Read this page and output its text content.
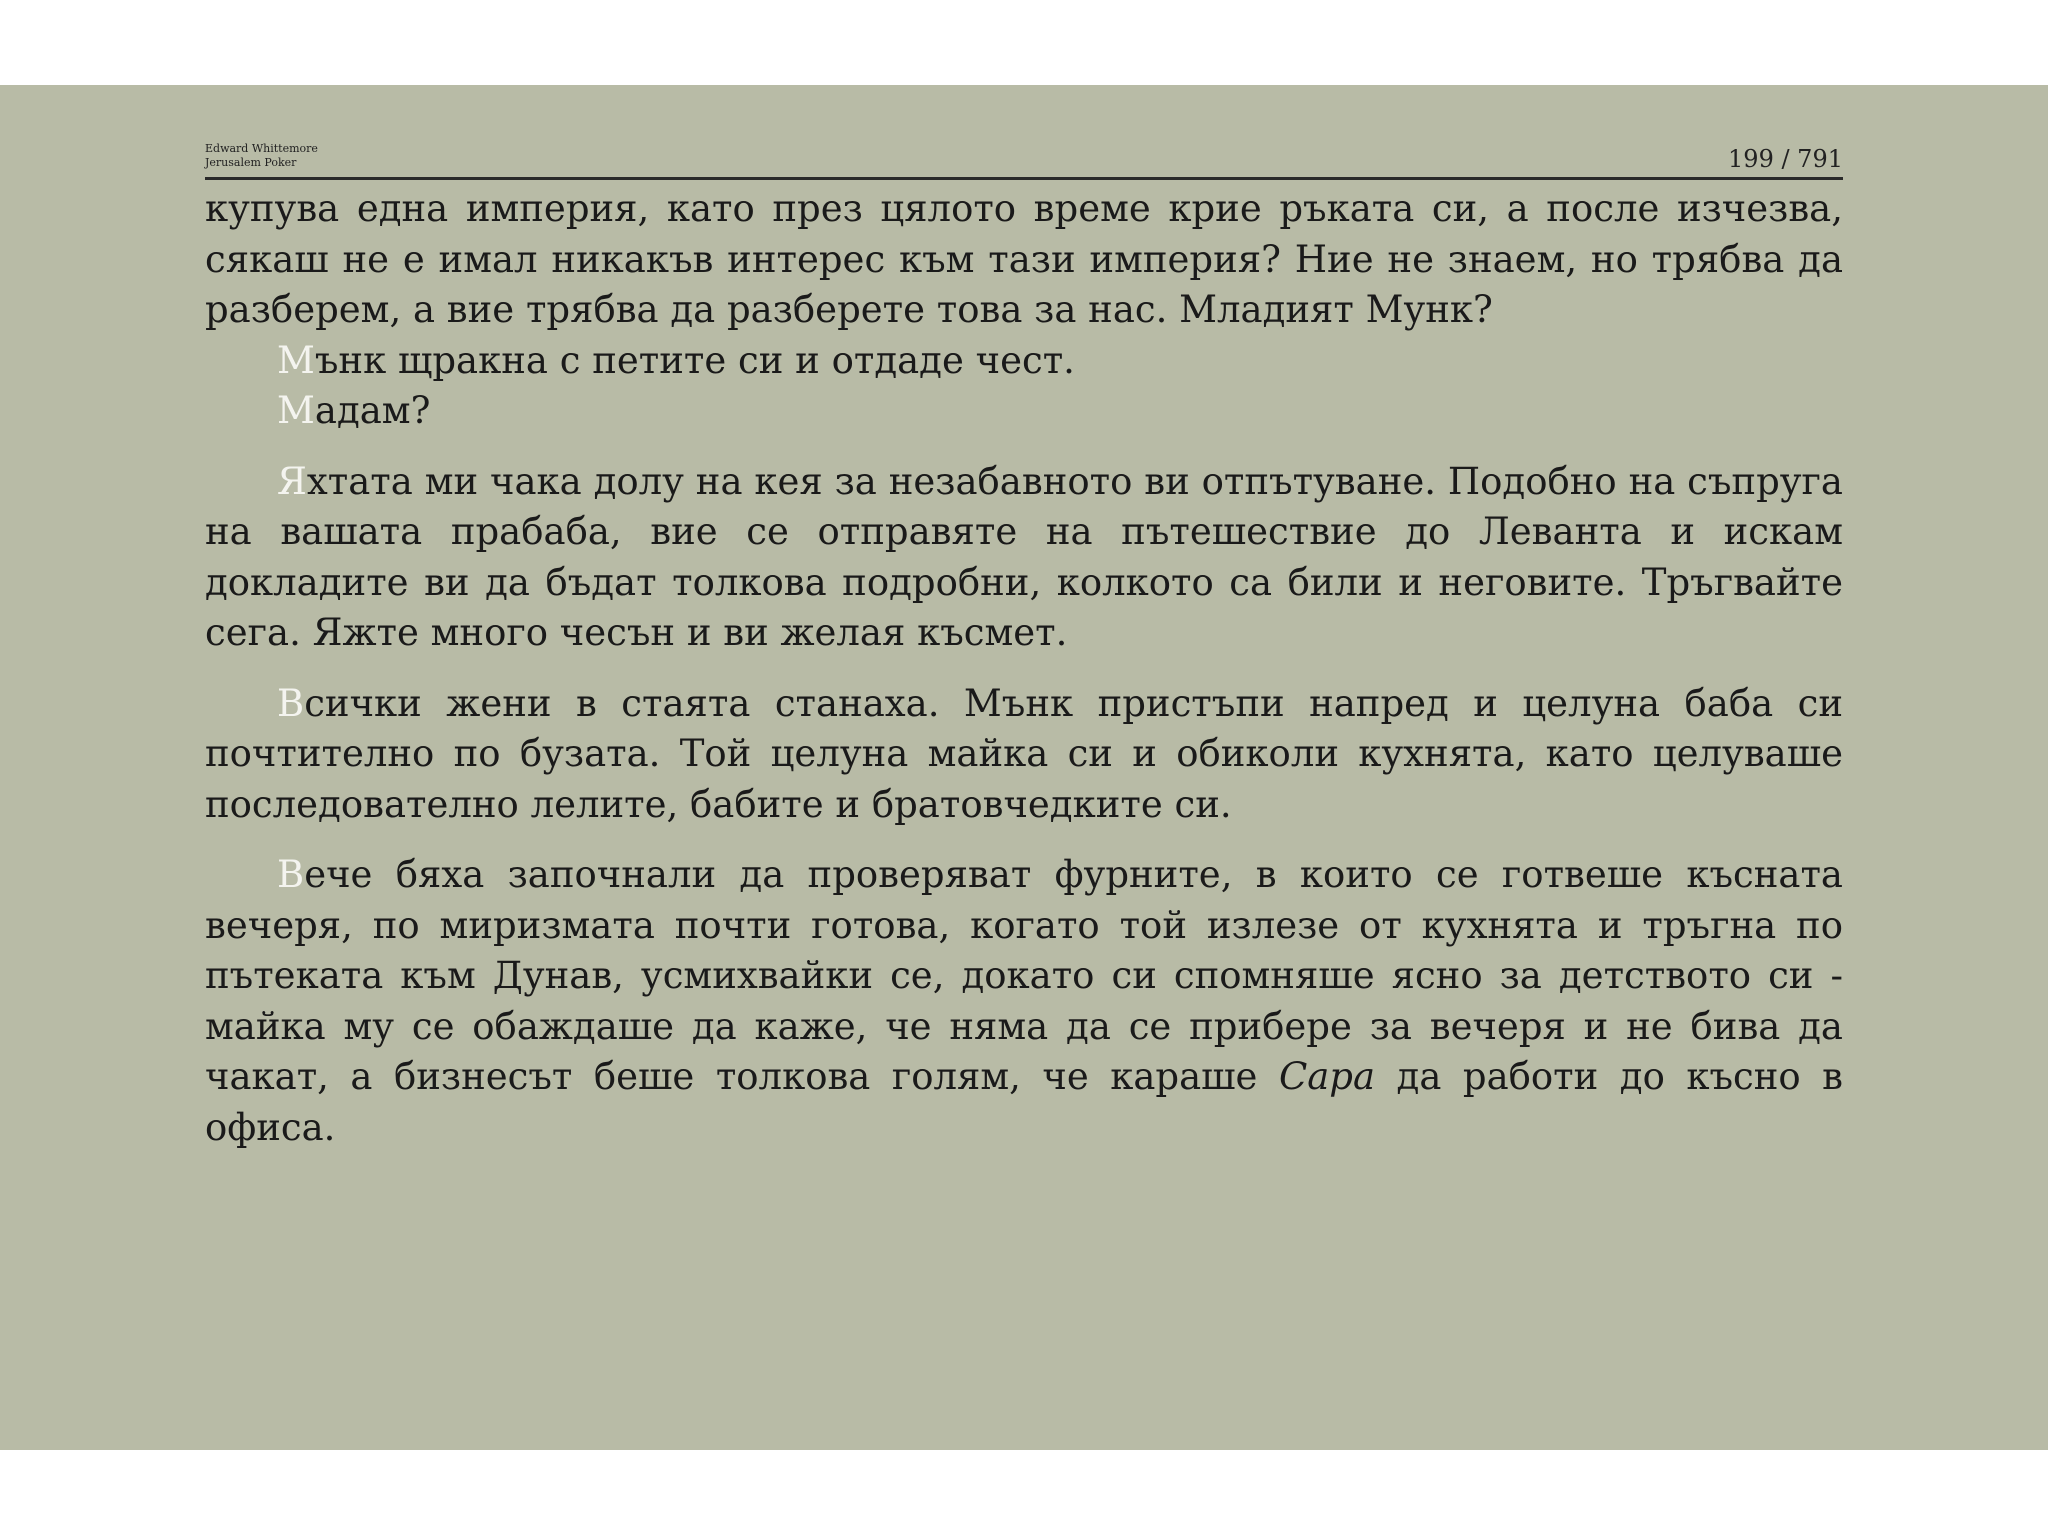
Edward Whittemore
Jerusalem Poker	199 / 791

купува една империя, като през цялото време крие ръката си, а после изчезва, сякаш не е имал никакъв интерес към тази империя? Ние не знаем, но трябва да разберем, а вие трябва да разберете това за нас. Младият Мунк?

Мънк щракна с петите си и отдаде чест.

Мадам?

Яхтата ми чака долу на кея за незабавното ви отпътуване. Подобно на съпруга на вашата прабаба, вие се отправяте на пътешествие до Леванта и искам докладите ви да бъдат толкова подробни, колкото са били и неговите. Тръгвайте сега. Яжте много чесън и ви желая късмет.

Всички жени в стаята станаха. Мънк пристъпи напред и целуна баба си почтително по бузата. Той целуна майка си и обиколи кухнята, като целуваше последователно лелите, бабите и братовчедките си.

Вече бяха започнали да проверяват фурните, в които се готвеше късната вечеря, по миризмата почти готова, когато той излезе от кухнята и тръгна по пътеката към Дунав, усмихвайки се, докато си спомняше ясно за детството си - майка му се обаждаше да каже, че няма да се прибере за вечеря и не бива да чакат, а бизнесът беше толкова голям, че караше Сара да работи до късно в офиса.
